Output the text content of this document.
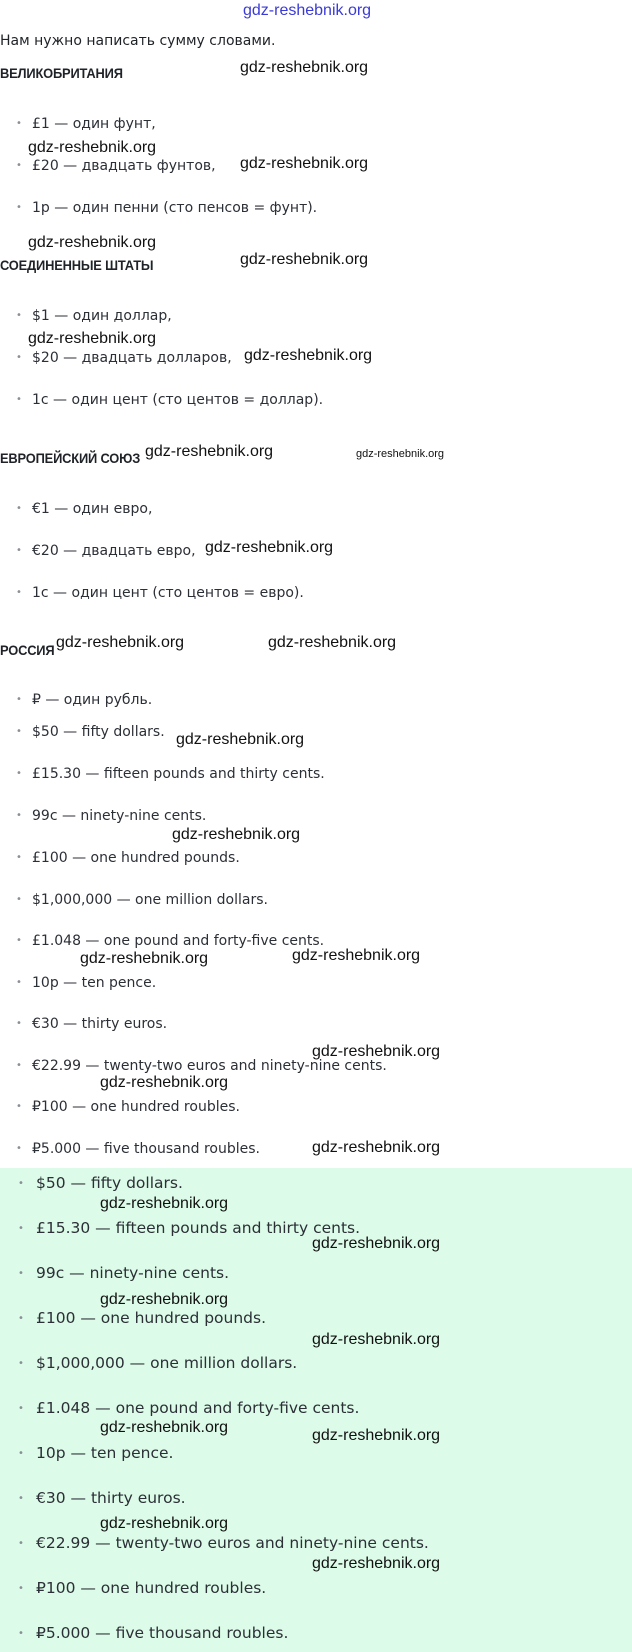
gdz-reshebnik.org
Нам нужно написать сумму словами.
ВЕЛИКОБРИТАНИЯ
• £1 — один фунт,
• £20 — двадцать фунтов,
• 1р — один пенни (сто пенсов = фунт).
СОЕДИНЕННЫЕ ШТАТЫ
• $1 — один доллар,
• $20 — двадцать долларов,
• 1с — один цент (сто центов = доллар).
ЕВРОПЕЙСКИЙ СОЮЗ
• €1 — один евро,
• €20 — двадцать евро,
• 1с — один цент (сто центов = евро).
РОССИЯ
• ₽ — один рубль.
• $50 — fifty dollars.
• £15.30 — fifteen pounds and thirty cents.
• 99c — ninety-nine cents.
• £100 — one hundred pounds.
• $1,000,000 — one million dollars.
• £1.048 — one pound and forty-five cents.
• 10p — ten pence.
• €30 — thirty euros.
• €22.99 — twenty-two euros and ninety-nine cents.
• ₽100 — one hundred roubles.
• ₽5.000 — five thousand roubles.
• $50 — fifty dollars.
• £15.30 — fifteen pounds and thirty cents.
• 99c — ninety-nine cents.
• £100 — one hundred pounds.
• $1,000,000 — one million dollars.
• £1.048 — one pound and forty-five cents.
• 10p — ten pence.
• €30 — thirty euros.
• €22.99 — twenty-two euros and ninety-nine cents.
• ₽100 — one hundred roubles.
• ₽5.000 — five thousand roubles.
gdz-reshebnik.org
gdz-reshebnik.org
gdz-reshebnik.org
gdz-reshebnik.org
gdz-reshebnik.org
gdz-reshebnik.org
gdz-reshebnik.org
gdz-reshebnik.org	gdz-reshebnik.org
gdz-reshebnik.org
gdz-reshebnik.org	gdz-reshebnik.org
gdz-reshebnik.org
gdz-reshebnik.org
gdz-reshebnik.org	gdz-reshebnik.org
gdz-reshebnik.org
gdz-reshebnik.org
gdz-reshebnik.org
gdz-reshebnik.org
gdz-reshebnik.org
gdz-reshebnik.org
gdz-reshebnik.org
gdz-reshebnik.org	gdz-reshebnik.org
gdz-reshebnik.org
gdz-reshebnik.org
